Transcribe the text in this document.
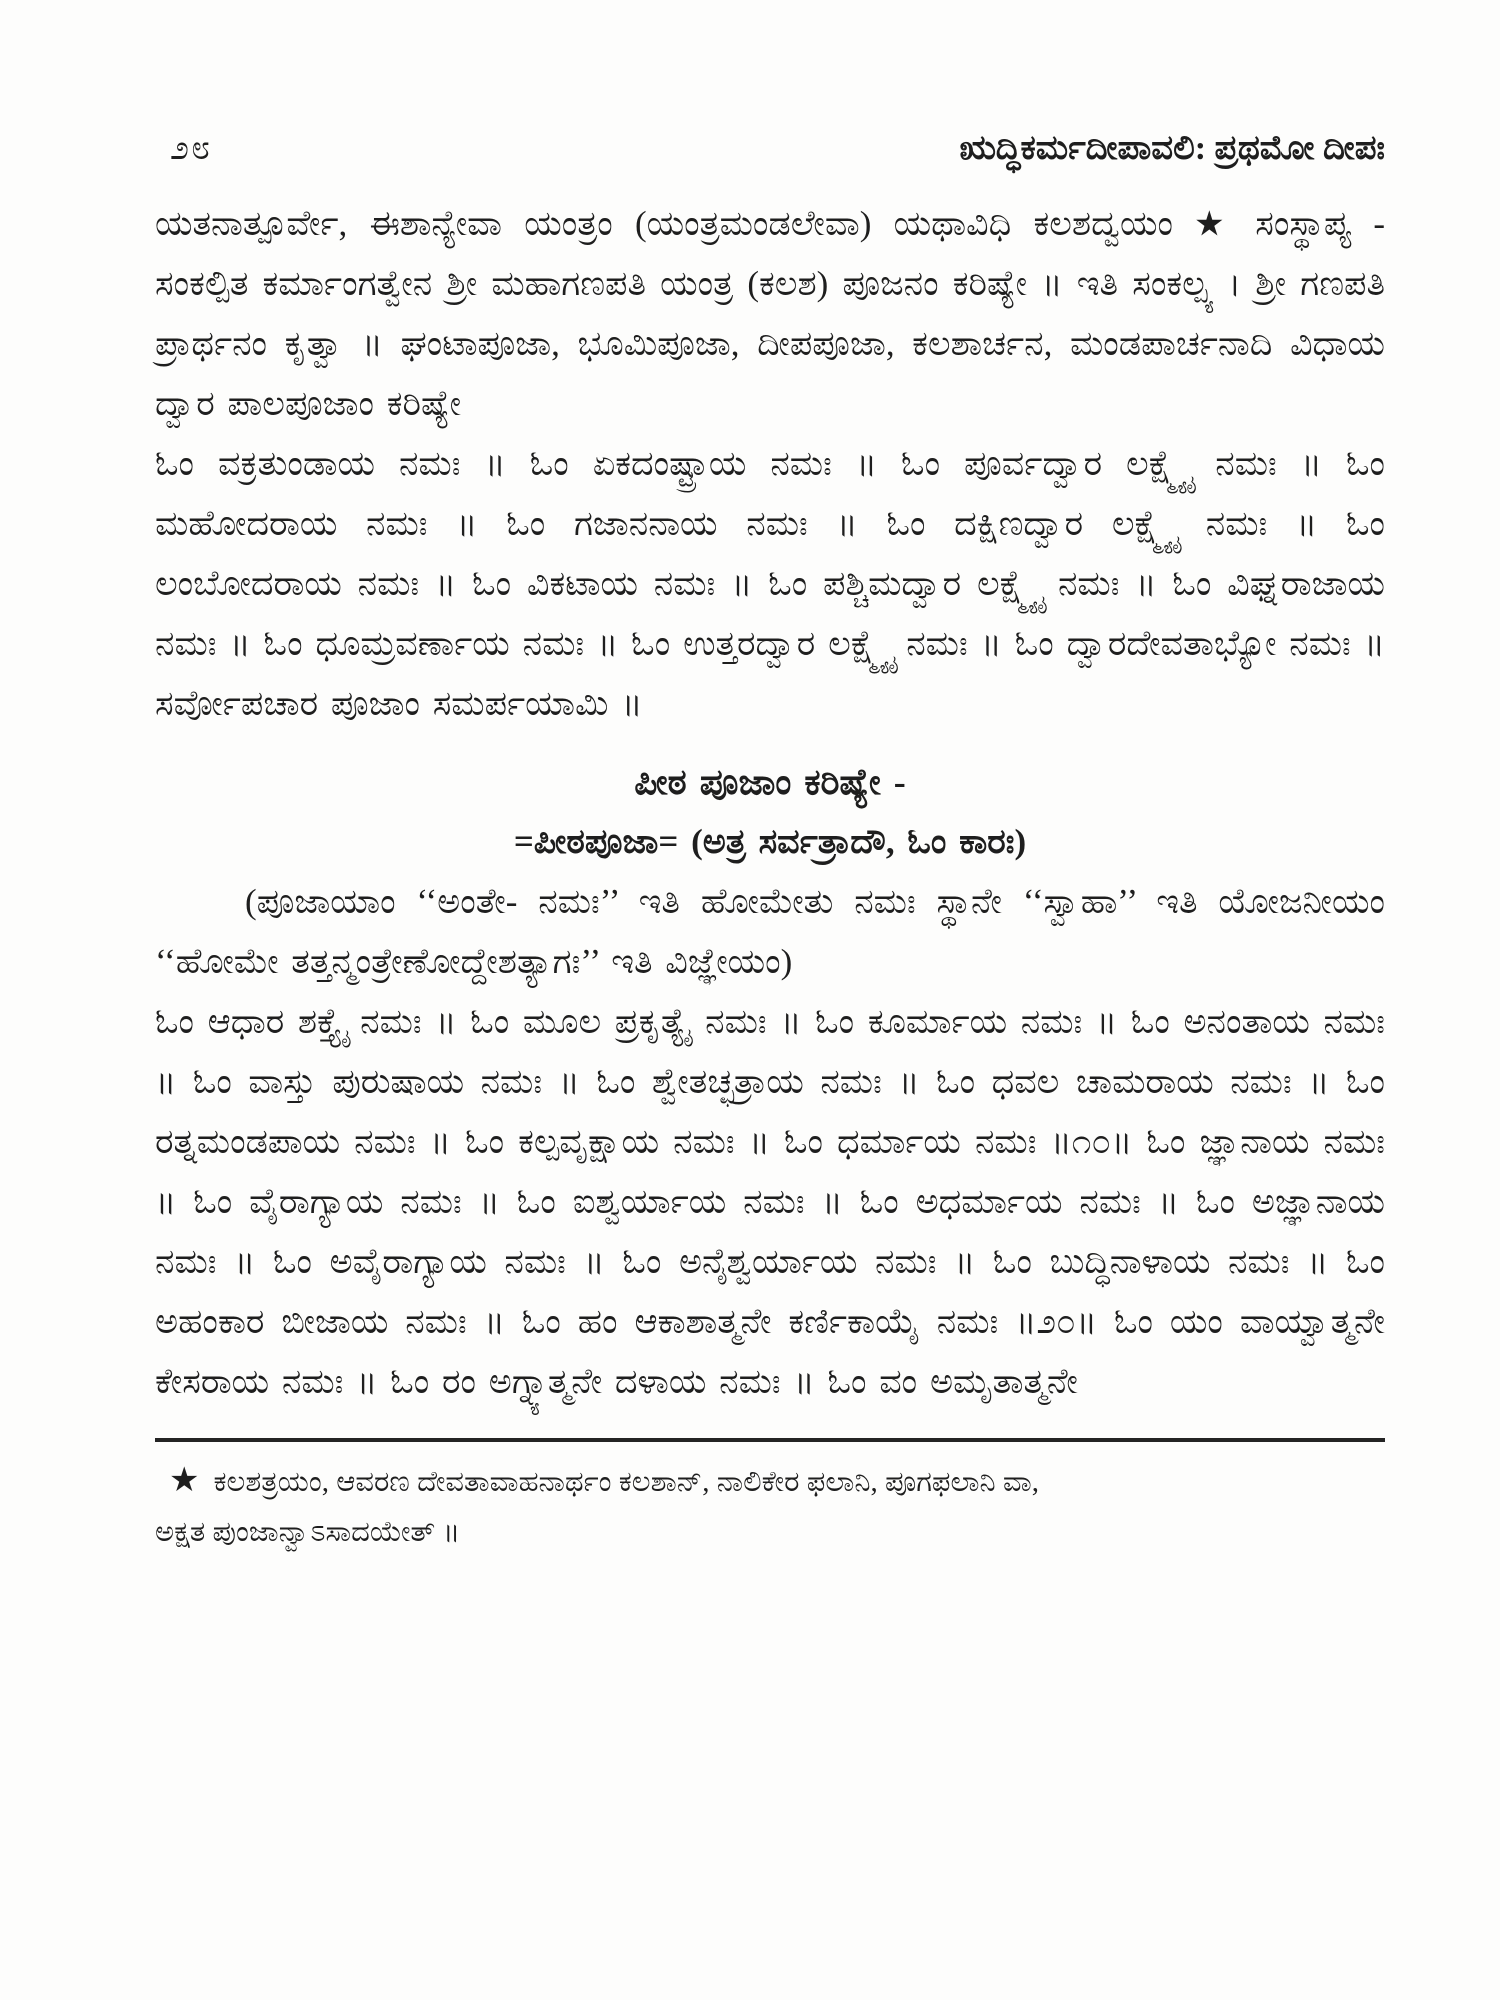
೨೮	ಋದ್ಧಿಕರ್ಮದೀಪಾವಲಿ: ಪ್ರಥಮೋ ದೀಪಃ

ಯತನಾತ್ಪೂರ್ವೇ, ಈಶಾನ್ಯೇವಾ ಯಂತ್ರಂ (ಯಂತ್ರಮಂಡಲೇವಾ) ಯಥಾವಿಧಿ ಕಲಶದ್ವಯಂ ★ ಸಂಸ್ಥಾಪ್ಯ - ಸಂಕಲ್ಪಿತ ಕರ್ಮಾಂಗತ್ವೇನ ಶ್ರೀ ಮಹಾಗಣಪತಿ ಯಂತ್ರ (ಕಲಶ) ಪೂಜನಂ ಕರಿಷ್ಯೇ ॥ ಇತಿ ಸಂಕಲ್ಪ್ಯ । ಶ್ರೀ ಗಣಪತಿ ಪ್ರಾರ್ಥನಂ ಕೃತ್ವಾ ॥ ಘಂಟಾಪೂಜಾ, ಭೂಮಿಪೂಜಾ, ದೀಪಪೂಜಾ, ಕಲಶಾರ್ಚನ, ಮಂಡಪಾರ್ಚನಾದಿ ವಿಧಾಯ ದ್ವಾರ ಪಾಲಪೂಜಾಂ ಕರಿಷ್ಯೇ

ಓಂ ವಕ್ರತುಂಡಾಯ ನಮಃ ॥ ಓಂ ಏಕದಂಷ್ಟ್ರಾಯ ನಮಃ ॥ ಓಂ ಪೂರ್ವದ್ವಾರ ಲಕ್ಷ್ಮ್ಯೈ ನಮಃ ॥ ಓಂ ಮಹೋದರಾಯ ನಮಃ ॥ ಓಂ ಗಜಾನನಾಯ ನಮಃ ॥ ಓಂ ದಕ್ಷಿಣದ್ವಾರ ಲಕ್ಷ್ಮ್ಯೈ ನಮಃ ॥ ಓಂ ಲಂಬೋದರಾಯ ನಮಃ ॥ ಓಂ ವಿಕಟಾಯ ನಮಃ ॥ ಓಂ ಪಶ್ಚಿಮದ್ವಾರ ಲಕ್ಷ್ಮ್ಯೈ ನಮಃ ॥ ಓಂ ವಿಘ್ನರಾಜಾಯ ನಮಃ ॥ ಓಂ ಧೂಮ್ರವರ್ಣಾಯ ನಮಃ ॥ ಓಂ ಉತ್ತರದ್ವಾರ ಲಕ್ಷ್ಮ್ಯೈ ನಮಃ ॥ ಓಂ ದ್ವಾರದೇವತಾಭ್ಯೋ ನಮಃ ॥ ಸರ್ವೋಪಚಾರ ಪೂಜಾಂ ಸಮರ್ಪಯಾಮಿ ॥

ಪೀಠ ಪೂಜಾಂ ಕರಿಷ್ಯೇ -

=ಪೀಠಪೂಜಾ= (ಅತ್ರ ಸರ್ವತ್ರಾದೌ, ಓಂ ಕಾರಃ)

(ಪೂಜಾಯಾಂ ‘‘ಅಂತೇ- ನಮಃ’’ ಇತಿ ಹೋಮೇತು ನಮಃ ಸ್ಥಾನೇ ‘‘ಸ್ವಾಹಾ’’ ಇತಿ ಯೋಜನೀಯಂ ‘‘ಹೋಮೇ ತತ್ತನ್ಮಂತ್ರೇಣೋದ್ದೇಶತ್ಯಾಗಃ’’ ಇತಿ ವಿಜ್ಞೇಯಂ)

ಓಂ ಆಧಾರ ಶಕ್ತ್ಯೈ ನಮಃ ॥ ಓಂ ಮೂಲ ಪ್ರಕೃತ್ಯೈ ನಮಃ ॥ ಓಂ ಕೂರ್ಮಾಯ ನಮಃ ॥ ಓಂ ಅನಂತಾಯ ನಮಃ ॥ ಓಂ ವಾಸ್ತು ಪುರುಷಾಯ ನಮಃ ॥ ಓಂ ಶ್ವೇತಚ್ಛತ್ರಾಯ ನಮಃ ॥ ಓಂ ಧವಲ ಚಾಮರಾಯ ನಮಃ ॥ ಓಂ ರತ್ನಮಂಡಪಾಯ ನಮಃ ॥ ಓಂ ಕಲ್ಪವೃಕ್ಷಾಯ ನಮಃ ॥ ಓಂ ಧರ್ಮಾಯ ನಮಃ ॥೧೦॥ ಓಂ ಜ್ಞಾನಾಯ ನಮಃ ॥ ಓಂ ವೈರಾಗ್ಯಾಯ ನಮಃ ॥ ಓಂ ಐಶ್ವರ್ಯಾಯ ನಮಃ ॥ ಓಂ ಅಧರ್ಮಾಯ ನಮಃ ॥ ಓಂ ಅಜ್ಞಾನಾಯ ನಮಃ ॥ ಓಂ ಅವೈರಾಗ್ಯಾಯ ನಮಃ ॥ ಓಂ ಅನೈಶ್ವರ್ಯಾಯ ನಮಃ ॥ ಓಂ ಬುದ್ಧಿನಾಳಾಯ ನಮಃ ॥ ಓಂ ಅಹಂಕಾರ ಬೀಜಾಯ ನಮಃ ॥ ಓಂ ಹಂ ಆಕಾಶಾತ್ಮನೇ ಕರ್ಣಿಕಾಯೈ ನಮಃ ॥೨೦॥ ಓಂ ಯಂ ವಾಯ್ವಾತ್ಮನೇ ಕೇಸರಾಯ ನಮಃ ॥ ಓಂ ರಂ ಅಗ್ನ್ಯಾತ್ಮನೇ ದಳಾಯ ನಮಃ ॥ ಓಂ ವಂ ಅಮೃತಾತ್ಮನೇ

★ ಕಲಶತ್ರಯಂ, ಆವರಣ ದೇವತಾವಾಹನಾರ್ಥಂ ಕಲಶಾನ್, ನಾಲಿಕೇರ ಫಲಾನಿ, ಪೂಗಫಲಾನಿ ವಾ,
ಅಕ್ಷತ ಪುಂಜಾನ್ವಾಽಸಾದಯೇತ್ ॥
